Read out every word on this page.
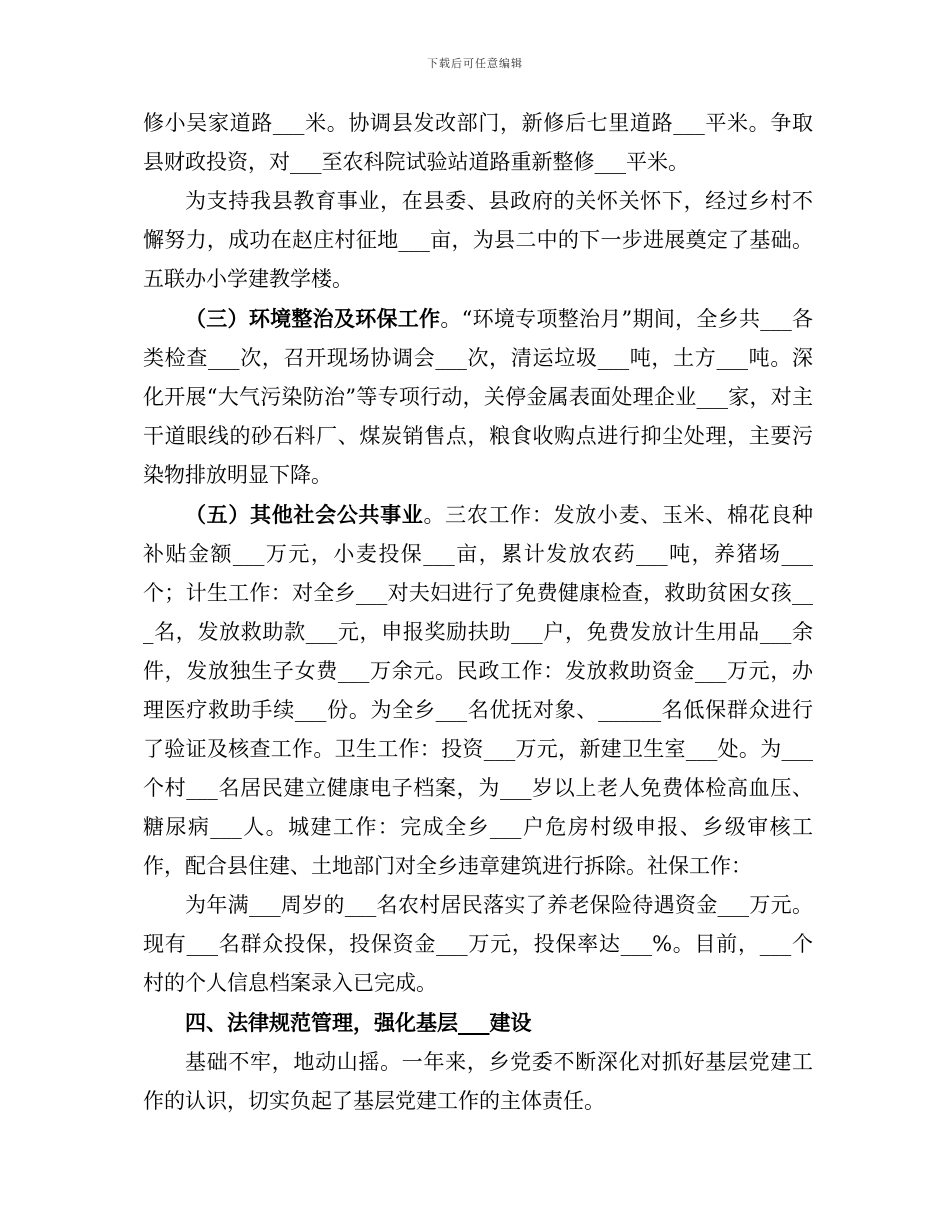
下载后可任意编辑

修小吴家道路___米。协调县发改部门，新修后七里道路___平米。争取县财政投资，对___至农科院试验站道路重新整修___平米。

为支持我县教育事业，在县委、县政府的关怀关怀下，经过乡村不懈努力，成功在赵庄村征地___亩，为县二中的下一步进展奠定了基础。五联办小学建教学楼。

（三）环境整治及环保工作。“环境专项整治月”期间，全乡共___各类检查___次，召开现场协调会___次，清运垃圾___吨，土方___吨。深化开展“大气污染防治”等专项行动，关停金属表面处理企业___家，对主干道眼线的砂石料厂、煤炭销售点，粮食收购点进行抑尘处理，主要污染物排放明显下降。

（五）其他社会公共事业。三农工作：发放小麦、玉米、棉花良种补贴金额___万元，小麦投保___亩，累计发放农药___吨，养猪场___个；计生工作：对全乡___对夫妇进行了免费健康检查，救助贫困女孩___名，发放救助款___元，申报奖励扶助___户，免费发放计生用品___余件，发放独生子女费___万余元。民政工作：发放救助资金___万元，办理医疗救助手续___份。为全乡___名优抚对象、______名低保群众进行了验证及核查工作。卫生工作：投资___万元，新建卫生室___处。为___个村___名居民建立健康电子档案，为___岁以上老人免费体检高血压、糖尿病___人。城建工作：完成全乡___户危房村级申报、乡级审核工作，配合县住建、土地部门对全乡违章建筑进行拆除。社保工作：

为年满___周岁的___名农村居民落实了养老保险待遇资金___万元。现有___名群众投保，投保资金___万元，投保率达___%。目前，___个村的个人信息档案录入已完成。

四、法律规范管理，强化基层___建设

基础不牢，地动山摇。一年来，乡党委不断深化对抓好基层党建工作的认识，切实负起了基层党建工作的主体责任。
